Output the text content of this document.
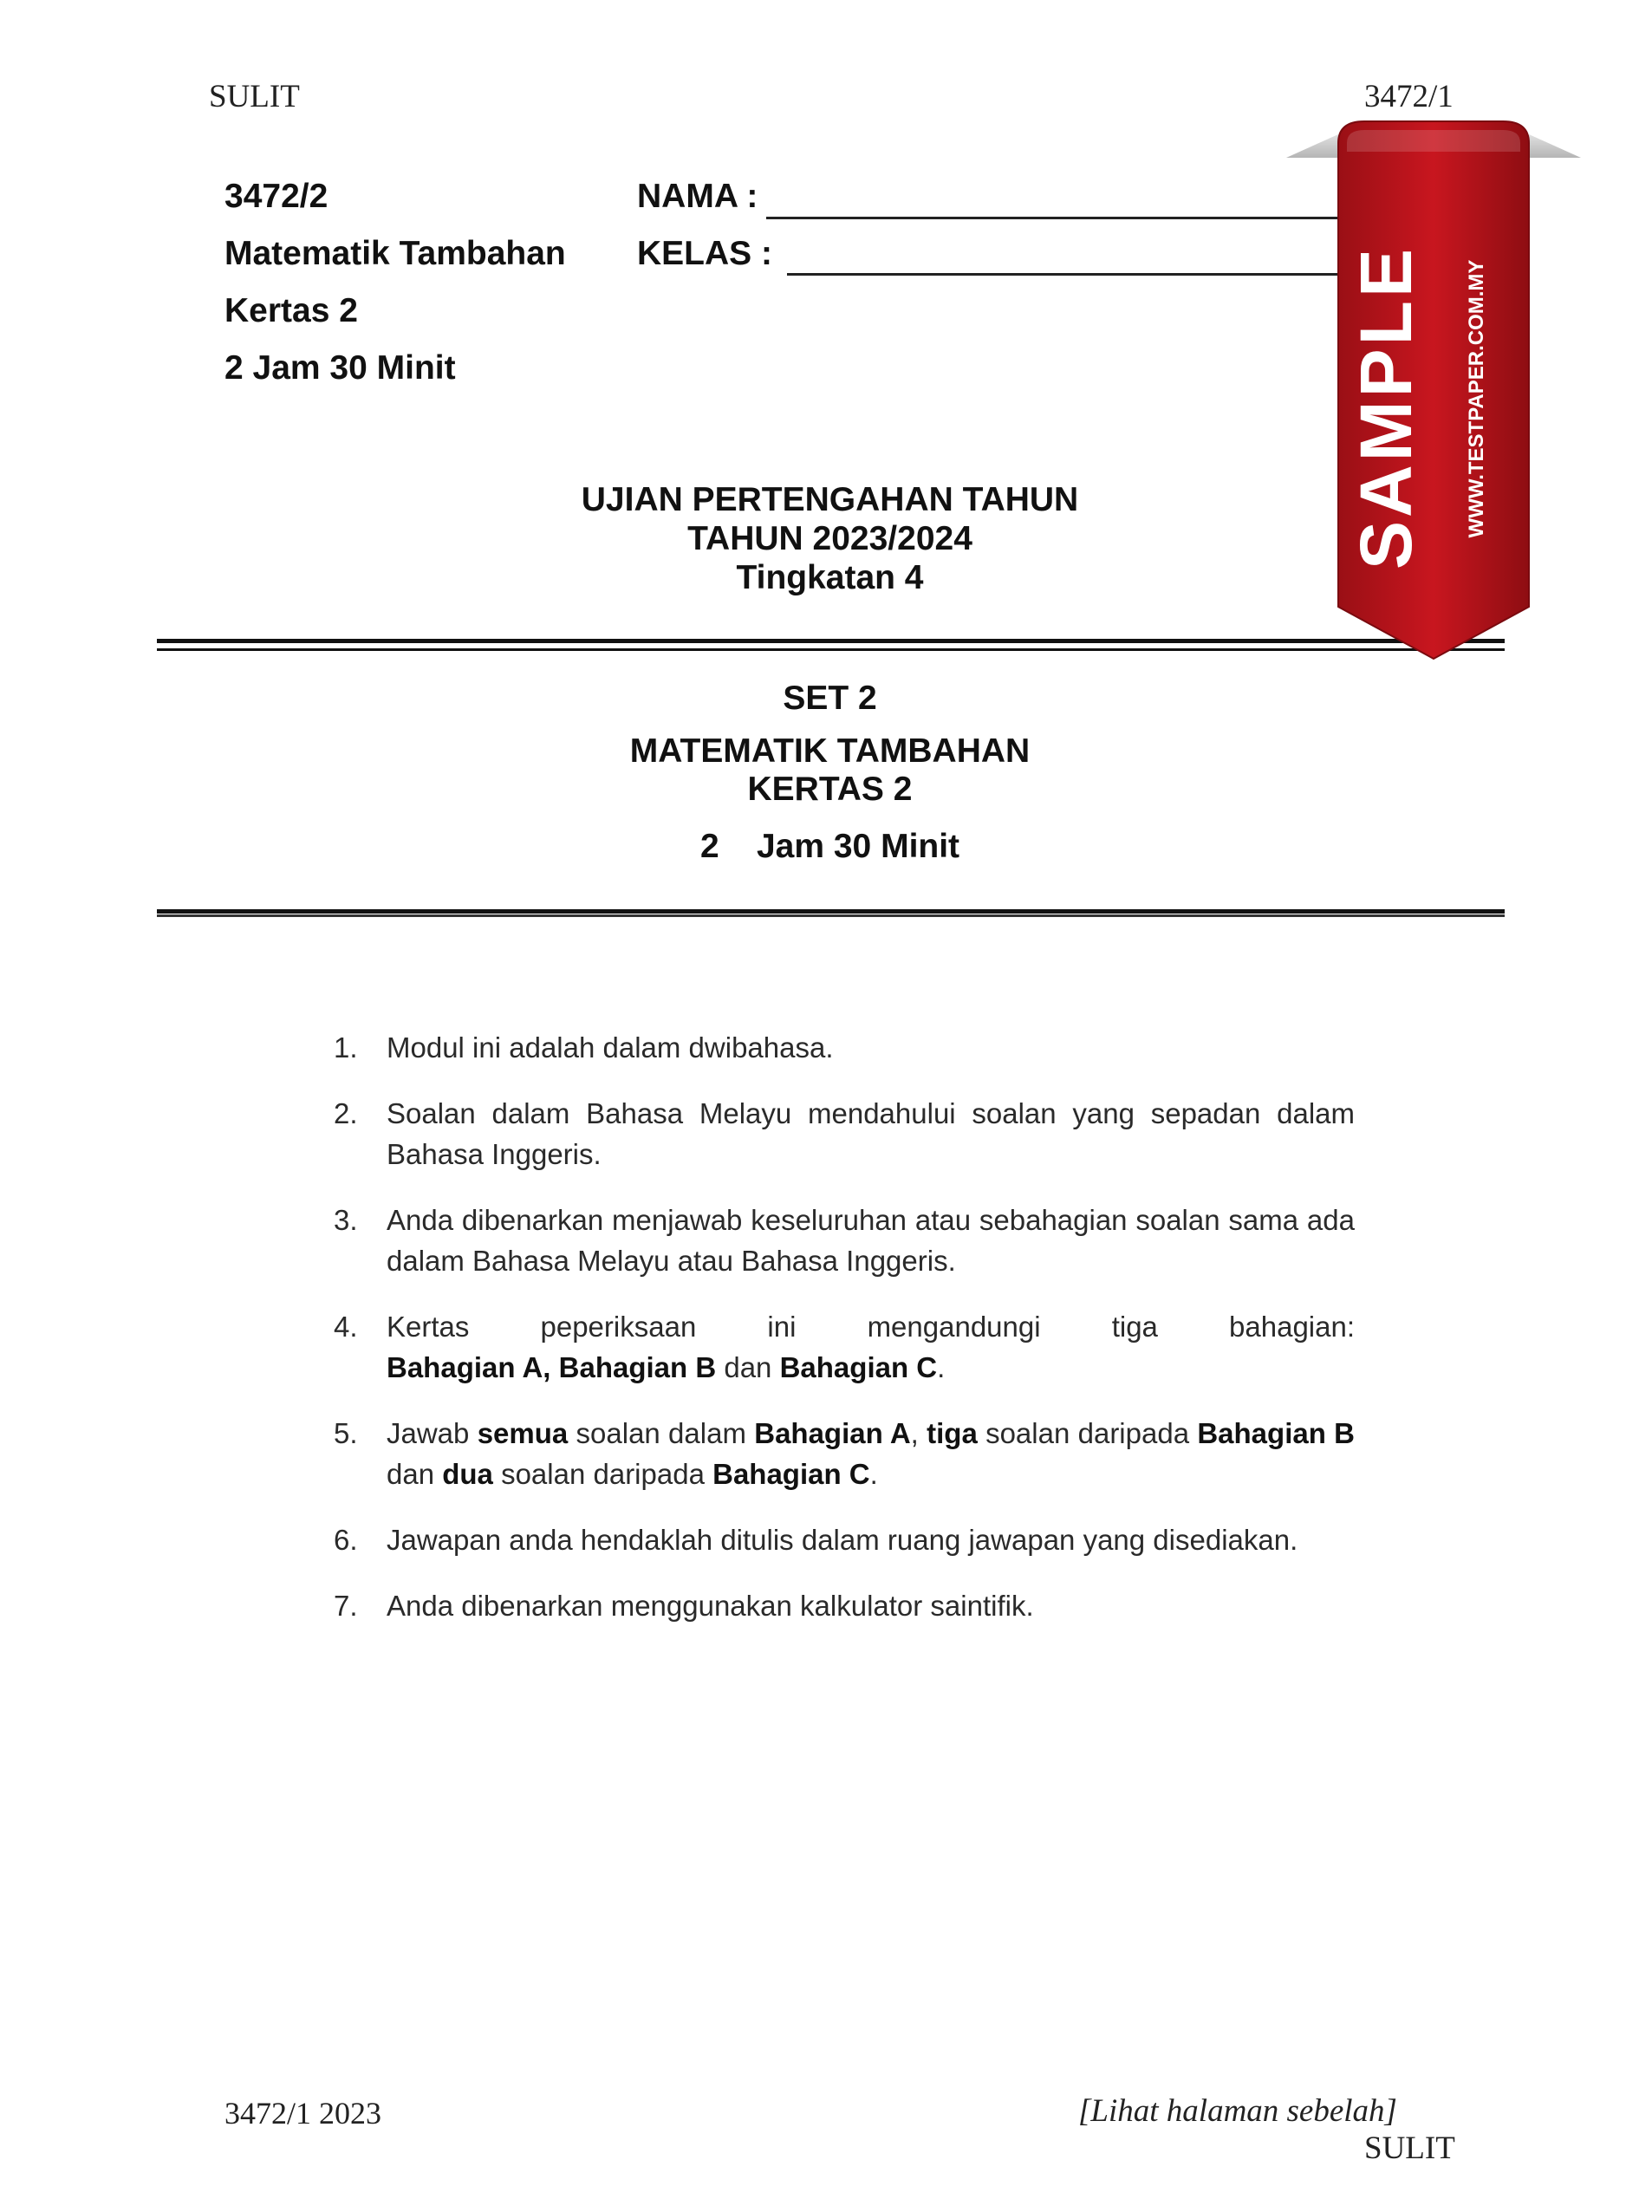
SULIT	3472/1
3472/2
Matematik Tambahan
Kertas 2
2 Jam 30 Minit
NAMA :
KELAS :
UJIAN PERTENGAHAN TAHUN
TAHUN 2023/2024
Tingkatan 4
SET 2
MATEMATIK TAMBAHAN
KERTAS 2
2    Jam 30 Minit
1. Modul ini adalah dalam dwibahasa.
2. Soalan dalam Bahasa Melayu mendahului soalan yang sepadan dalam Bahasa Inggeris.
3. Anda dibenarkan menjawab keseluruhan atau sebahagian soalan sama ada dalam Bahasa Melayu atau Bahasa Inggeris.
4. Kertas peperiksaan ini mengandungi tiga bahagian:
Bahagian A, Bahagian B dan Bahagian C.
5. Jawab semua soalan dalam Bahagian A, tiga soalan daripada Bahagian B dan dua soalan daripada Bahagian C.
6. Jawapan anda hendaklah ditulis dalam ruang jawapan yang disediakan.
7. Anda dibenarkan menggunakan kalkulator saintifik.
3472/1 2023	[Lihat halaman sebelah]
SULIT
SAMPLE WWW.TESTPAPER.COM.MY
